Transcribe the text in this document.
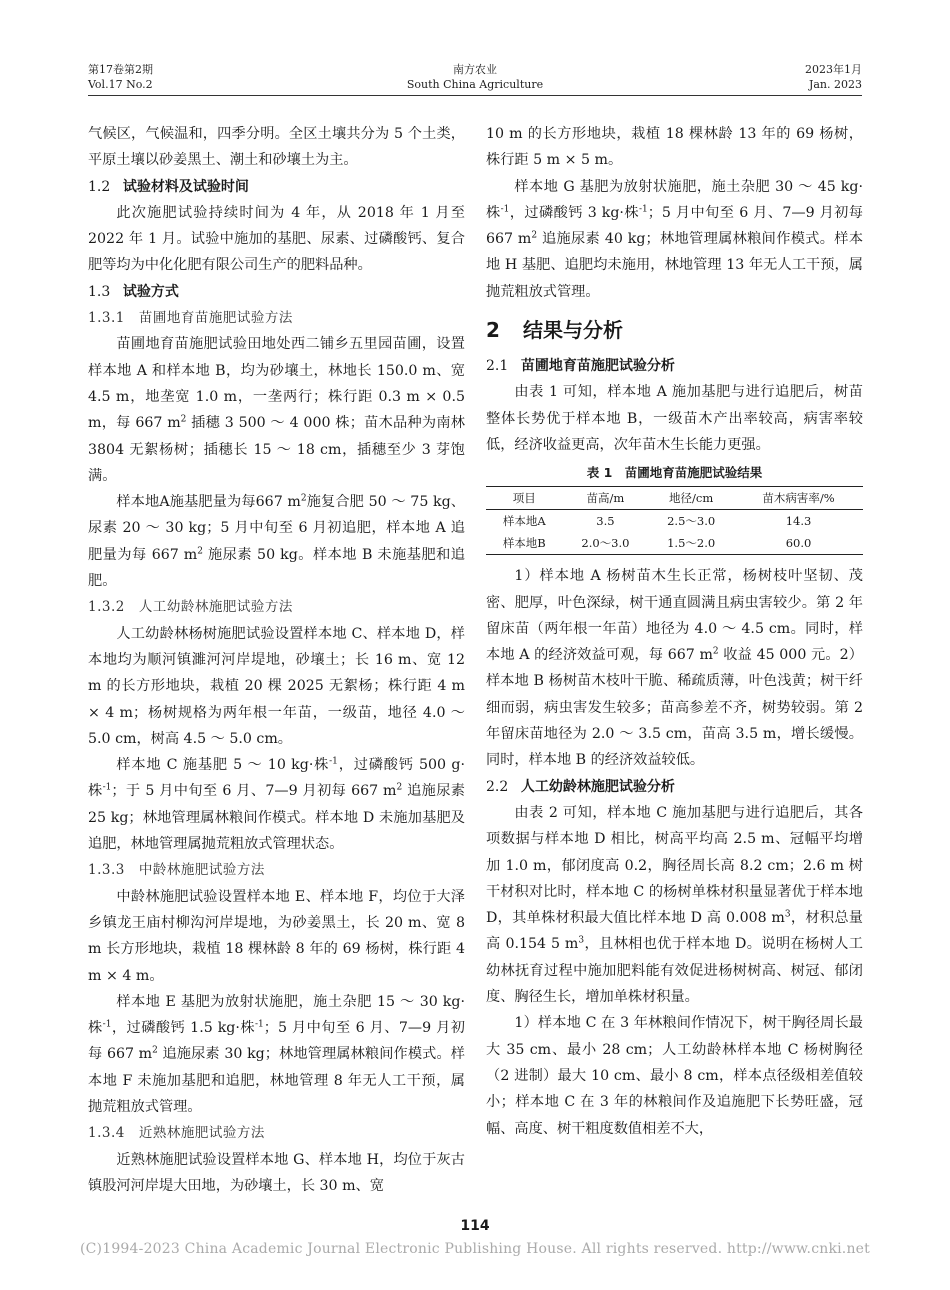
第17卷第2期
Vol.17 No.2
南方农业
South China Agriculture
2023年1月
Jan. 2023

气候区，气候温和，四季分明。全区土壤共分为 5 个土类，平原土壤以砂姜黑土、潮土和砂壤土为主。

1.2 试验材料及试验时间

此次施肥试验持续时间为 4 年，从 2018 年 1 月至 2022 年 1 月。试验中施加的基肥、尿素、过磷酸钙、复合肥等均为中化化肥有限公司生产的肥料品种。

1.3 试验方式
1.3.1　 苗圃地育苗施肥试验方法

苗圃地育苗施肥试验田地处西二铺乡五里园苗圃，设置样本地 A 和样本地 B，均为砂壤土，林地长 150.0 m、宽 4.5 m，地垄宽 1.0 m，一垄两行；株行距 0.3 m × 0.5 m，每 667 $m^2$ 插穗 3 500 ～ 4 000 株；苗木品种为南林 3804 无絮杨树；插穗长 15 ～ 18 cm，插穗至少 3 芽饱满。

样本地A施基肥量为每667 $m^2$施复合肥 50 ～ 75 kg、尿素 20 ～ 30 kg；5 月中旬至 6 月初追肥，样本地 A 追肥量为每 667 $m^2$ 施尿素 50 kg。样本地 B 未施基肥和追肥。

1.3.2　 人工幼龄林施肥试验方法

人工幼龄林杨树施肥试验设置样本地 C、样本地 D，样本地均为顺河镇濉河河岸堤地，砂壤土；长 16 m、宽 12 m 的长方形地块，栽植 20 棵 2025 无絮杨；株行距 4 m × 4 m；杨树规格为两年根一年苗，一级苗，地径 4.0 ～ 5.0 cm，树高 4.5 ～ 5.0 cm。

样本地 C 施基肥 5 ～ 10 kg·株$^{-1}$，过磷酸钙 500 g·株$^{-1}$；于 5 月中旬至 6 月、7—9 月初每 667 $m^2$ 追施尿素 25 kg；林地管理属林粮间作模式。样本地 D 未施加基肥及追肥，林地管理属抛荒粗放式管理状态。

1.3.3　 中龄林施肥试验方法

中龄林施肥试验设置样本地 E、样本地 F，均位于大泽乡镇龙王庙村柳沟河岸堤地，为砂姜黑土，长 20 m、宽 8 m 长方形地块，栽植 18 棵林龄 8 年的 69 杨树，株行距 4 m × 4 m。

样本地 E 基肥为放射状施肥，施土杂肥 15 ～ 30 kg·株$^{-1}$，过磷酸钙 1.5 kg·株$^{-1}$；5 月中旬至 6 月、7—9 月初每 667 $m^2$ 追施尿素 30 kg；林地管理属林粮间作模式。样本地 F 未施加基肥和追肥，林地管理 8 年无人工干预，属抛荒粗放式管理。

1.3.4　 近熟林施肥试验方法

近熟林施肥试验设置样本地 G、样本地 H，均位于灰古镇股河河岸堤大田地，为砂壤土，长 30 m、宽

10 m 的长方形地块，栽植 18 棵林龄 13 年的 69 杨树，株行距 5 m × 5 m。

样本地 G 基肥为放射状施肥，施土杂肥 30 ～ 45 kg·株$^{-1}$，过磷酸钙 3 kg·株$^{-1}$；5 月中旬至 6 月、7—9 月初每 667 $m^2$ 追施尿素 40 kg；林地管理属林粮间作模式。样本地 H 基肥、追肥均未施用，林地管理 13 年无人工干预，属抛荒粗放式管理。

2 结果与分析
2.1 苗圃地育苗施肥试验分析

由表 1 可知，样本地 A 施加基肥与进行追肥后，树苗整体长势优于样本地 B，一级苗木产出率较高，病害率较低，经济收益更高，次年苗木生长能力更强。

表 1　苗圃地育苗施肥试验结果
项目	苗高/m	地径/cm	苗木病害率/%
样本地A	3.5	2.5～3.0	14.3
样本地B	2.0～3.0	1.5～2.0	60.0

1）样本地 A 杨树苗木生长正常，杨树枝叶坚韧、茂密、肥厚，叶色深绿，树干通直圆满且病虫害较少。第 2 年留床苗（两年根一年苗）地径为 4.0 ～ 4.5 cm。同时，样本地 A 的经济效益可观，每 667 $m^2$ 收益 45 000 元。2）样本地 B 杨树苗木枝叶干脆、稀疏质薄，叶色浅黄；树干纤细而弱，病虫害发生较多；苗高参差不齐，树势较弱。第 2 年留床苗地径为 2.0 ～ 3.5 cm，苗高 3.5 m，增长缓慢。同时，样本地 B 的经济效益较低。

2.2 人工幼龄林施肥试验分析

由表 2 可知，样本地 C 施加基肥与进行追肥后，其各项数据与样本地 D 相比，树高平均高 2.5 m、冠幅平均增加 1.0 m，郁闭度高 0.2，胸径周长高 8.2 cm；2.6 m 树干材积对比时，样本地 C 的杨树单株材积量显著优于样本地 D，其单株材积最大值比样本地 D 高 0.008 $m^3$，材积总量高 0.154 5 $m^3$，且林相也优于样本地 D。说明在杨树人工幼林抚育过程中施加肥料能有效促进杨树树高、树冠、郁闭度、胸径生长，增加单株材积量。

1）样本地 C 在 3 年林粮间作情况下，树干胸径周长最大 35 cm、最小 28 cm；人工幼龄林样本地 C 杨树胸径（2 进制）最大 10 cm、最小 8 cm，样本点径级相差值较小；样本地 C 在 3 年的林粮间作及追施肥下长势旺盛，冠幅、高度、树干粗度数值相差不大，

114
(C)1994-2023 China Academic Journal Electronic Publishing House. All rights reserved. http://www.cnki.net
